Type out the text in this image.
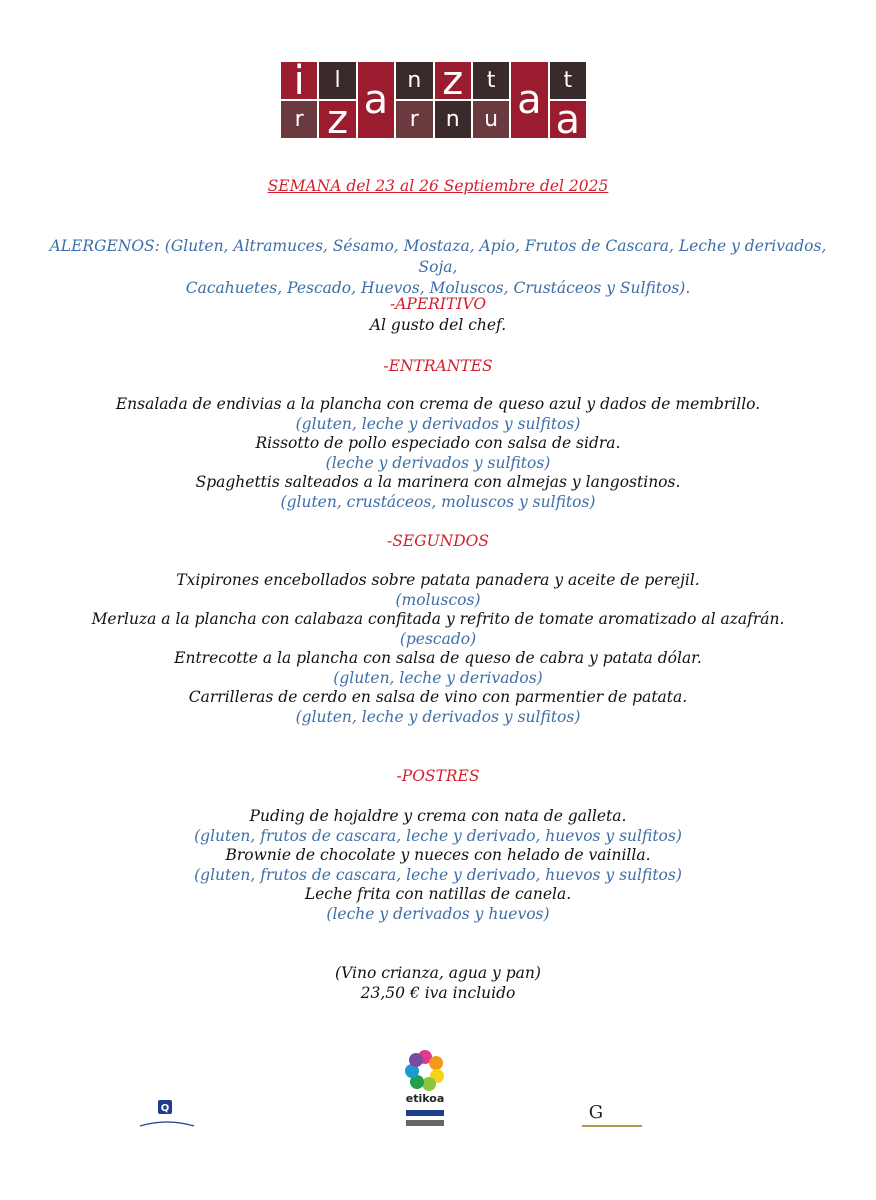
i l a n z t a t
r z	r n u a
SEMANA del 23 al 26 Septiembre del 2025
ALERGENOS: (Gluten, Altramuces, Sésamo, Mostaza, Apio, Frutos de Cascara, Leche y derivados, Soja,
Cacahuetes, Pescado, Huevos, Moluscos, Crustáceos y Sulfitos).
-APERITIVO
Al gusto del chef.
-ENTRANTES
Ensalada de endivias a la plancha con crema de queso azul y dados de membrillo.
(gluten, leche y derivados y sulfitos)
Rissotto de pollo especiado con salsa de sidra.
(leche y derivados y sulfitos)
Spaghettis salteados a la marinera con almejas y langostinos.
(gluten, crustáceos, moluscos y sulfitos)
-SEGUNDOS
Txipirones encebollados sobre patata panadera y aceite de perejil.
(moluscos)
Merluza a la plancha con calabaza confitada y refrito de tomate aromatizado al azafrán.
(pescado)
Entrecotte a la plancha con salsa de queso de cabra y patata dólar.
(gluten, leche y derivados)
Carrilleras de cerdo en salsa de vino con parmentier de patata.
(gluten, leche y derivados y sulfitos)
-POSTRES
Puding de hojaldre y crema con nata de galleta.
(gluten, frutos de cascara, leche y derivado, huevos y sulfitos)
Brownie de chocolate y nueces con helado de vainilla.
(gluten, frutos de cascara, leche y derivado, huevos y sulfitos)
Leche frita con natillas de canela.
(leche y derivados y huevos)
(Vino crianza, agua y pan)
23,50 € iva incluido
Q
etikoa
G
